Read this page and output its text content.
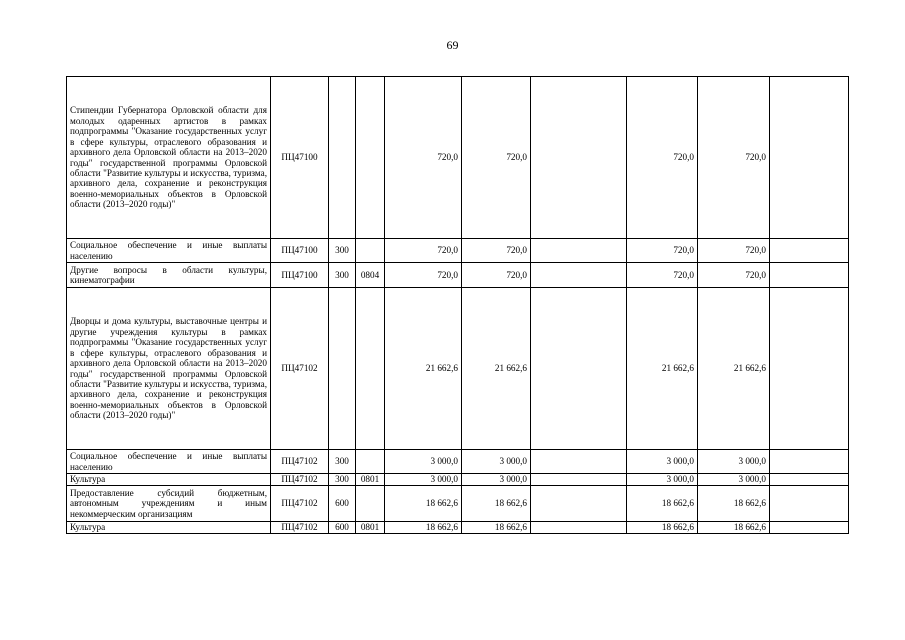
69
Стипендии Губернатора Орловской области для молодых одаренных артистов в рамках подпрограммы "Оказание государственных услуг в сфере культуры, отраслевого образования и архивного дела Орловской области на 2013–2020 годы" государственной программы Орловской области "Развитие культуры и искусства, туризма, архивного дела, сохранение и реконструкция военно-мемориальных объектов в Орловской области (2013–2020 годы)"	ПЦ47100			720,0	720,0		720,0	720,0	
Социальное обеспечение и иные выплаты населению	ПЦ47100	300		720,0	720,0		720,0	720,0	
Другие вопросы в области культуры, кинематографии	ПЦ47100	300	0804	720,0	720,0		720,0	720,0	
Дворцы и дома культуры, выставочные центры и другие учреждения культуры в рамках подпрограммы "Оказание государственных услуг в сфере культуры, отраслевого образования и архивного дела Орловской области на 2013–2020 годы" государственной программы Орловской области "Развитие культуры и искусства, туризма, архивного дела, сохранение и реконструкция военно-мемориальных объектов в Орловской области (2013–2020 годы)"	ПЦ47102			21 662,6	21 662,6		21 662,6	21 662,6	
Социальное обеспечение и иные выплаты населению	ПЦ47102	300		3 000,0	3 000,0		3 000,0	3 000,0	
Культура	ПЦ47102	300	0801	3 000,0	3 000,0		3 000,0	3 000,0	
Предоставление субсидий бюджетным, автономным учреждениям и иным некоммерческим организациям	ПЦ47102	600		18 662,6	18 662,6		18 662,6	18 662,6	
Культура	ПЦ47102	600	0801	18 662,6	18 662,6		18 662,6	18 662,6	
